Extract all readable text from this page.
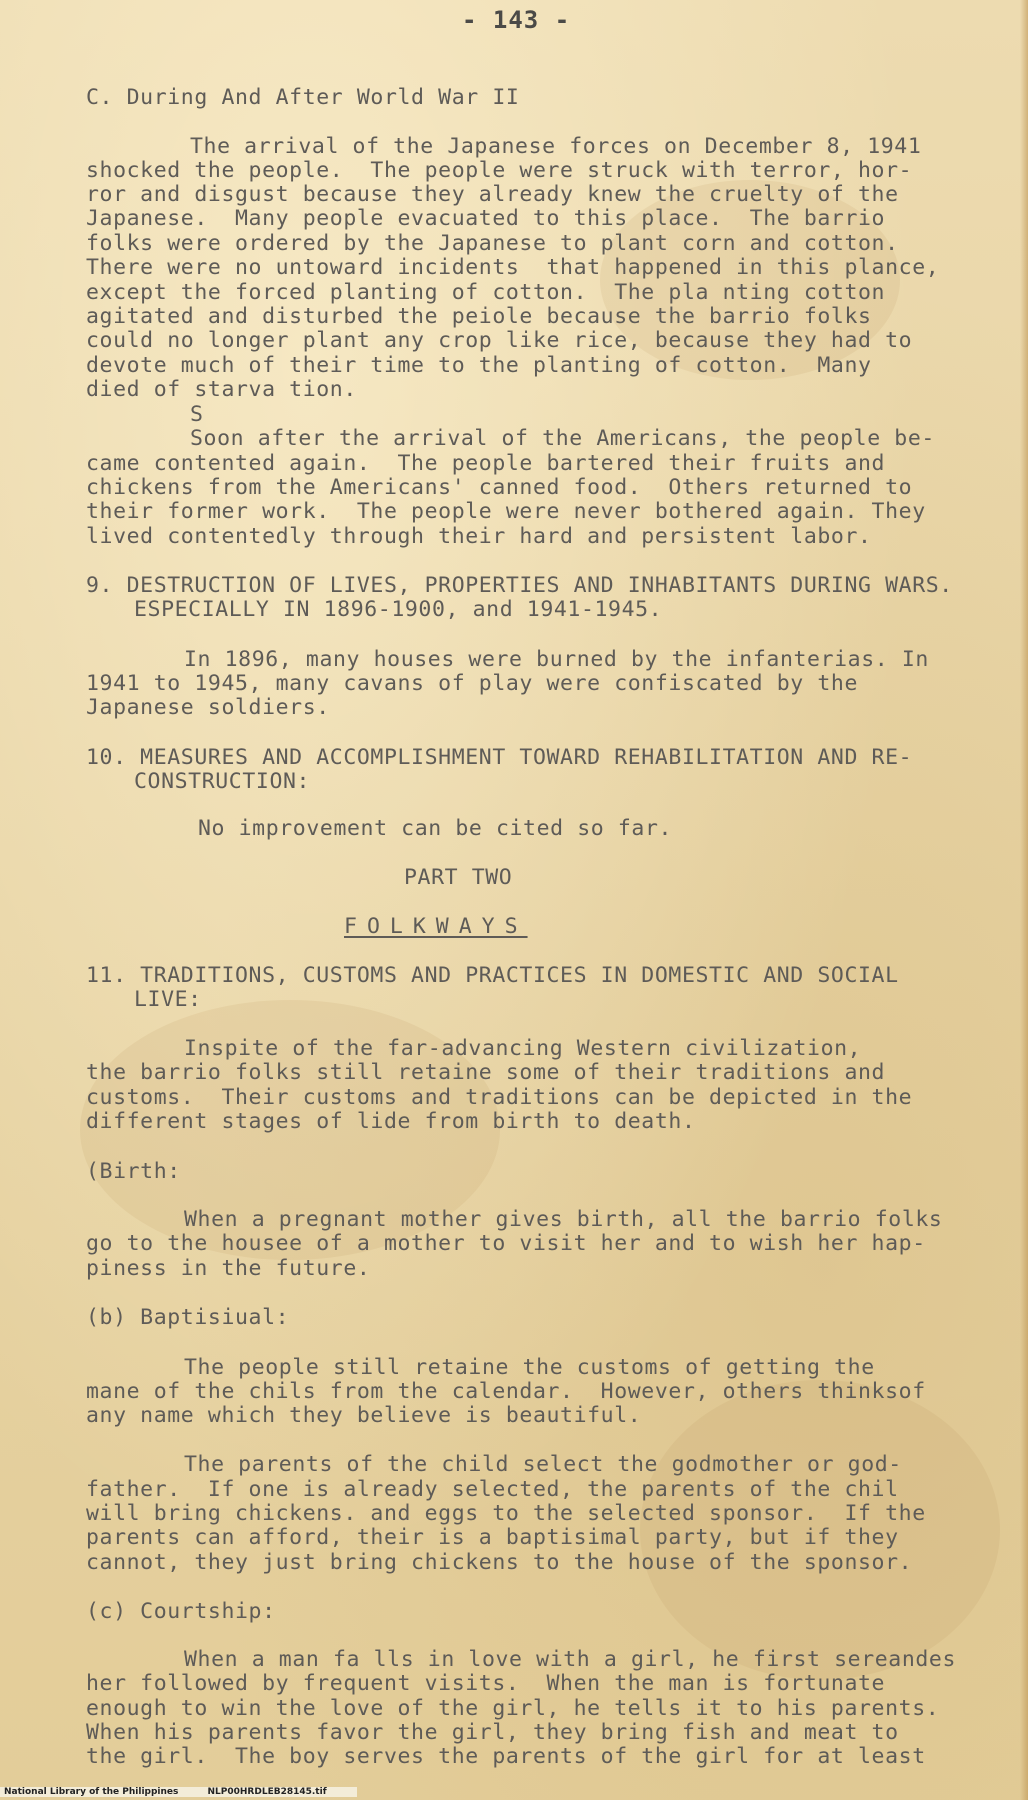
- 143 -
C. During And After World War II
The arrival of the Japanese forces on December 8, 1941
shocked the people.  The people were struck with terror, hor-
ror and disgust because they already knew the cruelty of the
Japanese.  Many people evacuated to this place.  The barrio
folks were ordered by the Japanese to plant corn and cotton.
There were no untoward incidents  that happened in this plance,
except the forced planting of cotton.  The pla nting cotton
agitated and disturbed the peiole because the barrio folks
could no longer plant any crop like rice, because they had to
devote much of their time to the planting of cotton.  Many
died of starva tion.
S
Soon after the arrival of the Americans, the people be-
came contented again.  The people bartered their fruits and
chickens from the Americans' canned food.  Others returned to
their former work.  The people were never bothered again. They
lived contentedly through their hard and persistent labor.
9. DESTRUCTION OF LIVES, PROPERTIES AND INHABITANTS DURING WARS.
ESPECIALLY IN 1896-1900, and 1941-1945.
In 1896, many houses were burned by the infanterias. In
1941 to 1945, many cavans of play were confiscated by the
Japanese soldiers.
10. MEASURES AND ACCOMPLISHMENT TOWARD REHABILITATION AND RE-
CONSTRUCTION:
No improvement can be cited so far.
PART TWO
FOLKWAYS
11. TRADITIONS, CUSTOMS AND PRACTICES IN DOMESTIC AND SOCIAL
LIVE:
Inspite of the far-advancing Western civilization,
the barrio folks still retaine some of their traditions and
customs.  Their customs and traditions can be depicted in the
different stages of lide from birth to death.
(Birth:
When a pregnant mother gives birth, all the barrio folks
go to the housee of a mother to visit her and to wish her hap-
piness in the future.
(b) Baptisiual:
The people still retaine the customs of getting the
mane of the chils from the calendar.  However, others thinksof
any name which they believe is beautiful.
The parents of the child select the godmother or god-
father.  If one is already selected, the parents of the chil
will bring chickens. and eggs to the selected sponsor.  If the
parents can afford, their is a baptisimal party, but if they
cannot, they just bring chickens to the house of the sponsor.
(c) Courtship:
When a man fa lls in love with a girl, he first sereandes
her followed by frequent visits.  When the man is fortunate
enough to win the love of the girl, he tells it to his parents.
When his parents favor the girl, they bring fish and meat to
the girl.  The boy serves the parents of the girl for at least
National Library of the Philippines	NLP00HRDLEB28145.tif
